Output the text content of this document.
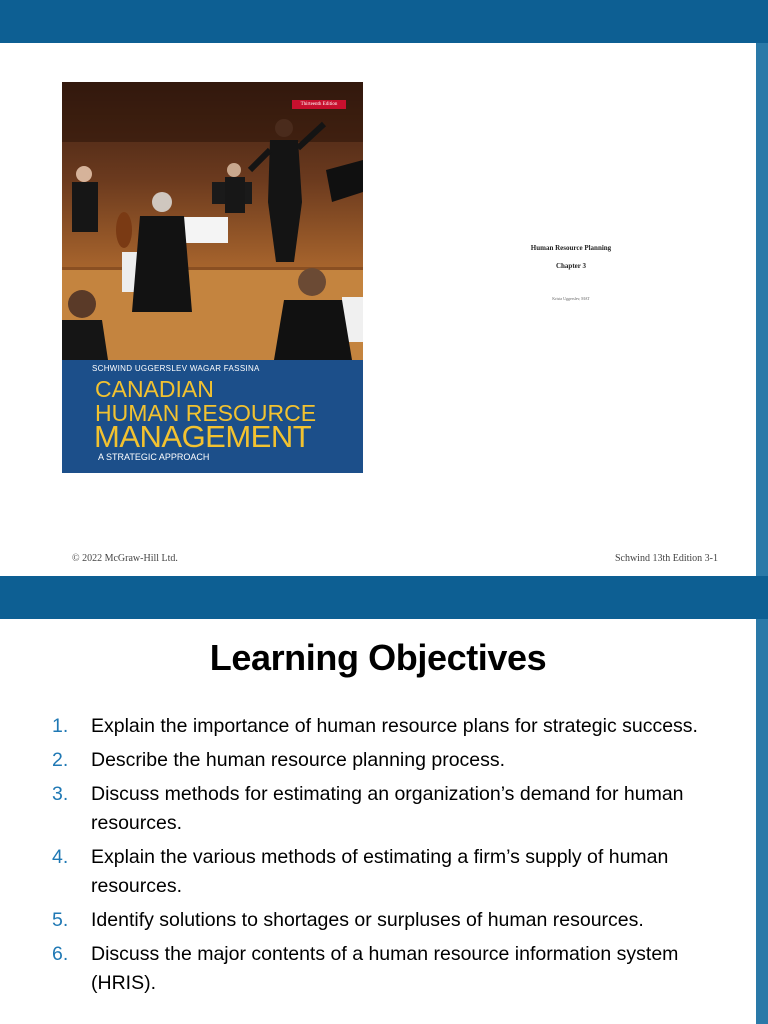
Thirteenth Edition
SCHWIND UGGERSLEV WAGAR FASSINA
CANADIAN
HUMAN RESOURCE
MANAGEMENT
A STRATEGIC APPROACH
Human Resource Planning
Chapter 3
Krista Uggerslev, MAT
© 2022 McGraw-Hill Ltd.	Schwind 13th Edition 3-1
Learning Objectives
1. Explain the importance of human resource plans for strategic success.
2. Describe the human resource planning process.
3. Discuss methods for estimating an organization’s demand for human resources.
4. Explain the various methods of estimating a firm’s supply of human resources.
5. Identify solutions to shortages or surpluses of human resources.
6. Discuss the major contents of a human resource information system (HRIS).
